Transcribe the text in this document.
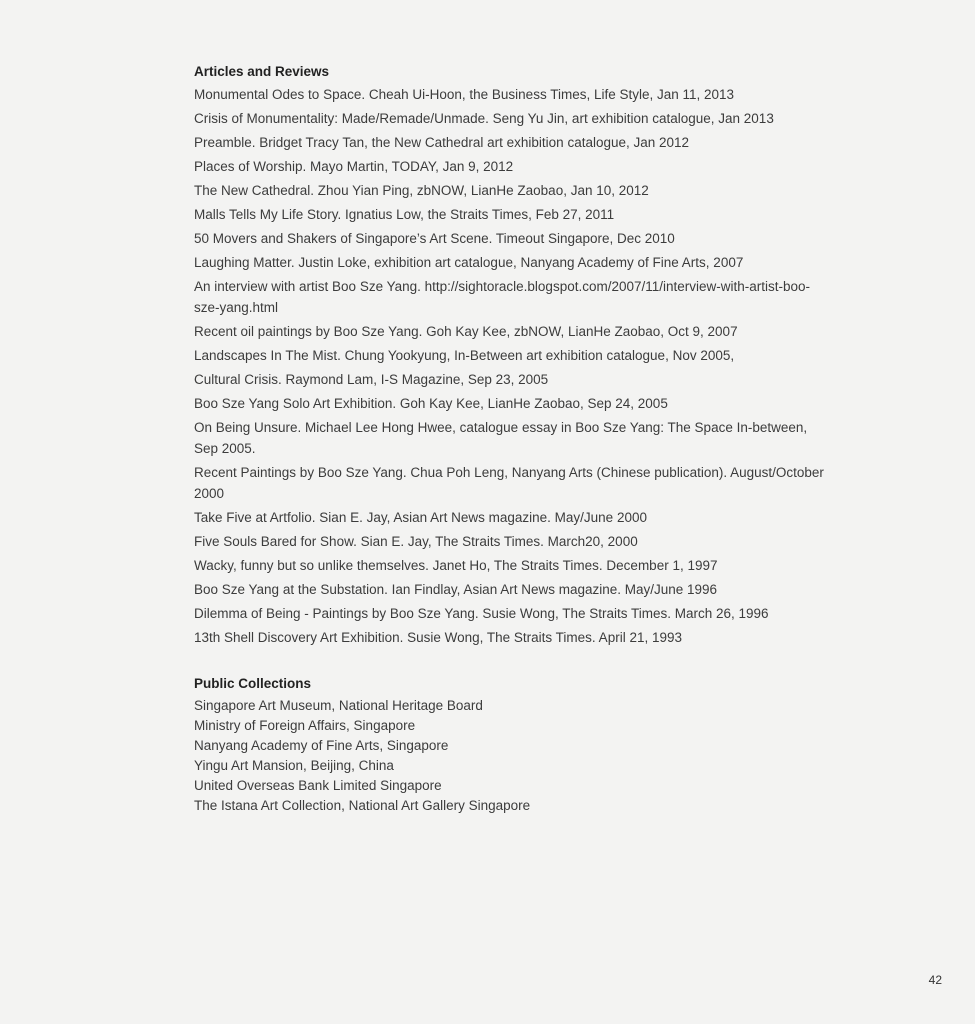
Articles and Reviews
Monumental Odes to Space. Cheah Ui-Hoon, the Business Times, Life Style, Jan 11, 2013
Crisis of Monumentality: Made/Remade/Unmade. Seng Yu Jin, art exhibition catalogue, Jan 2013
Preamble. Bridget Tracy Tan, the New Cathedral art exhibition catalogue, Jan 2012
Places of Worship. Mayo Martin, TODAY, Jan 9, 2012
The New Cathedral. Zhou Yian Ping, zbNOW, LianHe Zaobao, Jan 10, 2012
Malls Tells My Life Story. Ignatius Low, the Straits Times, Feb 27, 2011
50 Movers and Shakers of Singapore’s Art Scene. Timeout Singapore, Dec 2010
Laughing Matter. Justin Loke, exhibition art catalogue, Nanyang Academy of Fine Arts, 2007
An interview with artist Boo Sze Yang. http://sightoracle.blogspot.com/2007/11/interview-with-artist-boo-sze-yang.html
Recent oil paintings by Boo Sze Yang. Goh Kay Kee, zbNOW, LianHe Zaobao, Oct 9, 2007
Landscapes In The Mist. Chung Yookyung, In-Between art exhibition catalogue, Nov 2005,
Cultural Crisis. Raymond Lam, I-S Magazine, Sep 23, 2005
Boo Sze Yang Solo Art Exhibition. Goh Kay Kee, LianHe Zaobao, Sep 24, 2005
On Being Unsure. Michael Lee Hong Hwee, catalogue essay in Boo Sze Yang: The Space In-between, Sep 2005.
Recent Paintings by Boo Sze Yang. Chua Poh Leng, Nanyang Arts (Chinese publication). August/October 2000
Take Five at Artfolio. Sian E. Jay, Asian Art News magazine. May/June 2000
Five Souls Bared for Show. Sian E. Jay, The Straits Times. March20, 2000
Wacky, funny but so unlike themselves. Janet Ho, The Straits Times. December 1, 1997
Boo Sze Yang at the Substation. Ian Findlay, Asian Art News magazine. May/June 1996
Dilemma of Being - Paintings by Boo Sze Yang. Susie Wong, The Straits Times. March 26, 1996
13th Shell Discovery Art Exhibition. Susie Wong, The Straits Times. April 21, 1993
Public Collections
Singapore Art Museum, National Heritage Board
Ministry of Foreign Affairs, Singapore
Nanyang Academy of Fine Arts, Singapore
Yingu Art Mansion, Beijing, China
United Overseas Bank Limited Singapore
The Istana Art Collection, National Art Gallery Singapore
42
